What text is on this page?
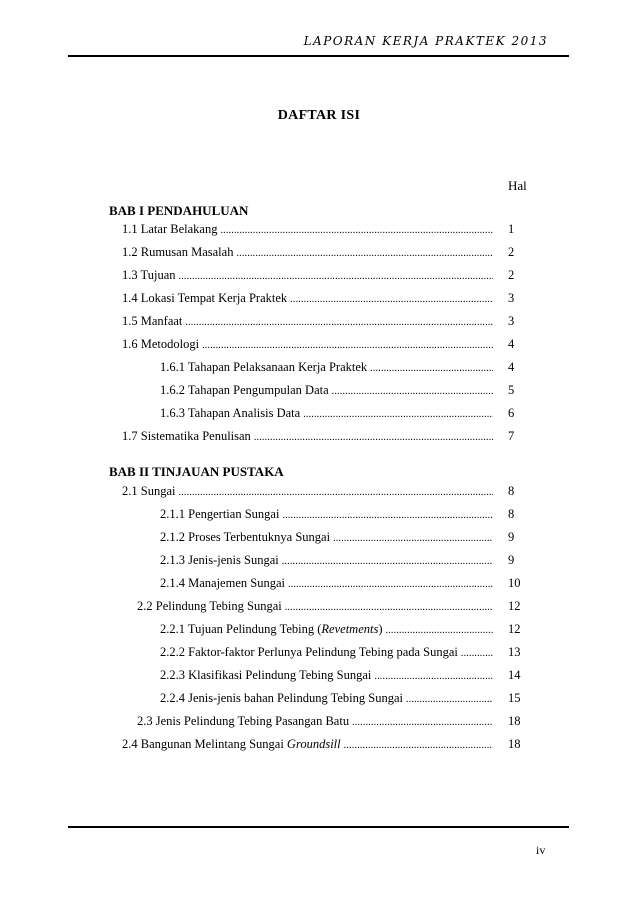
LAPORAN KERJA PRAKTEK 2013
DAFTAR ISI
Hal
BAB I PENDAHULUAN
1.1 Latar Belakang .....	1
1.2 Rumusan Masalah .....	2
1.3 Tujuan .....	2
1.4 Lokasi Tempat Kerja Praktek .....	3
1.5 Manfaat .....	3
1.6 Metodologi .....	4
1.6.1 Tahapan Pelaksanaan Kerja Praktek .....	4
1.6.2 Tahapan Pengumpulan Data .....	5
1.6.3 Tahapan Analisis Data .....	6
1.7 Sistematika Penulisan .....	7
BAB II TINJAUAN PUSTAKA
2.1 Sungai .....	8
2.1.1 Pengertian Sungai .....	8
2.1.2 Proses Terbentuknya Sungai .....	9
2.1.3 Jenis-jenis Sungai .....	9
2.1.4 Manajemen Sungai .....	10
2.2 Pelindung Tebing Sungai .....	12
2.2.1 Tujuan Pelindung Tebing (Revetments) .....	12
2.2.2 Faktor-faktor Perlunya Pelindung Tebing pada Sungai .....	13
2.2.3 Klasifikasi Pelindung Tebing Sungai .....	14
2.2.4 Jenis-jenis bahan Pelindung Tebing Sungai .....	15
2.3 Jenis Pelindung Tebing Pasangan Batu .....	18
2.4 Bangunan Melintang Sungai Groundsill .....	18
iv
